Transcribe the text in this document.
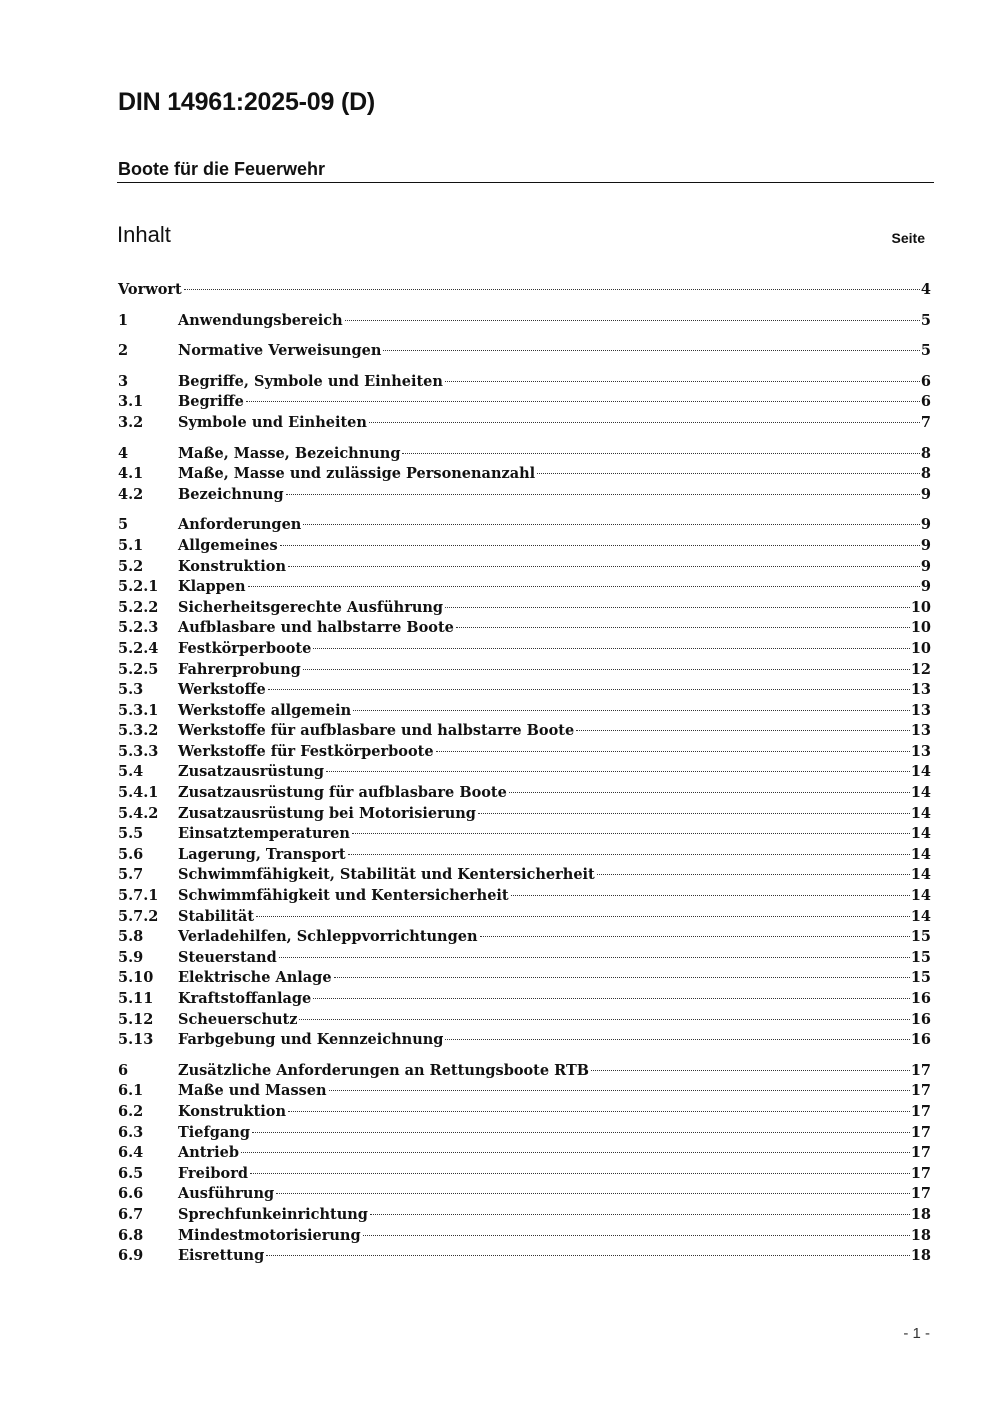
DIN 14961:2025-09 (D)
Boote für die Feuerwehr
Inhalt	Seite
Vorwort	4
1	Anwendungsbereich	5
2	Normative Verweisungen	5
3	Begriffe, Symbole und Einheiten	6
3.1	Begriffe	6
3.2	Symbole und Einheiten	7
4	Maße, Masse, Bezeichnung	8
4.1	Maße, Masse und zulässige Personenanzahl	8
4.2	Bezeichnung	9
5	Anforderungen	9
5.1	Allgemeines	9
5.2	Konstruktion	9
5.2.1	Klappen	9
5.2.2	Sicherheitsgerechte Ausführung	10
5.2.3	Aufblasbare und halbstarre Boote	10
5.2.4	Festkörperboote	10
5.2.5	Fahrerprobung	12
5.3	Werkstoffe	13
5.3.1	Werkstoffe allgemein	13
5.3.2	Werkstoffe für aufblasbare und halbstarre Boote	13
5.3.3	Werkstoffe für Festkörperboote	13
5.4	Zusatzausrüstung	14
5.4.1	Zusatzausrüstung für aufblasbare Boote	14
5.4.2	Zusatzausrüstung bei Motorisierung	14
5.5	Einsatztemperaturen	14
5.6	Lagerung, Transport	14
5.7	Schwimmfähigkeit, Stabilität und Kentersicherheit	14
5.7.1	Schwimmfähigkeit und Kentersicherheit	14
5.7.2	Stabilität	14
5.8	Verladehilfen, Schleppvorrichtungen	15
5.9	Steuerstand	15
5.10	Elektrische Anlage	15
5.11	Kraftstoffanlage	16
5.12	Scheuerschutz	16
5.13	Farbgebung und Kennzeichnung	16
6	Zusätzliche Anforderungen an Rettungsboote RTB	17
6.1	Maße und Massen	17
6.2	Konstruktion	17
6.3	Tiefgang	17
6.4	Antrieb	17
6.5	Freibord	17
6.6	Ausführung	17
6.7	Sprechfunkeinrichtung	18
6.8	Mindestmotorisierung	18
6.9	Eisrettung	18
- 1 -
